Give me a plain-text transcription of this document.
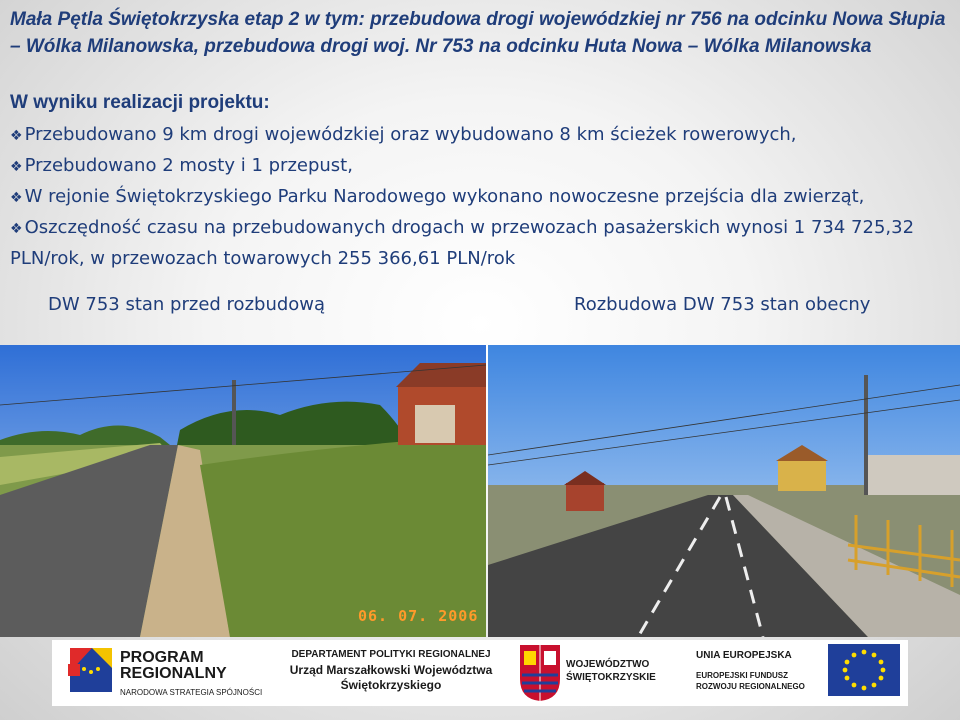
Mała Pętla Świętokrzyska etap 2 w tym: przebudowa drogi wojewódzkiej nr 756 na odcinku Nowa Słupia – Wólka Milanowska, przebudowa drogi woj. Nr 753 na odcinku Huta Nowa – Wólka Milanowska
W wyniku realizacji projektu:
❖ Przebudowano 9 km drogi wojewódzkiej oraz wybudowano 8 km ścieżek rowerowych,
❖ Przebudowano 2 mosty i 1 przepust,
❖ W rejonie Świętokrzyskiego Parku Narodowego wykonano nowoczesne przejścia dla zwierząt,
❖ Oszczędność czasu na przebudowanych drogach w przewozach pasażerskich wynosi 1 734 725,32 PLN/rok, w przewozach towarowych 255 366,61 PLN/rok
DW 753 stan przed rozbudową	Rozbudowa DW 753 stan obecny
06. 07. 2006
PROGRAM
REGIONALNY
NARODOWA STRATEGIA SPÓJNOŚCI
DEPARTAMENT POLITYKI REGIONALNEJ
Urząd Marszałkowski Województwa
Świętokrzyskiego
WOJEWÓDZTWO
ŚWIĘTOKRZYSKIE
UNIA EUROPEJSKA
EUROPEJSKI FUNDUSZ
ROZWOJU REGIONALNEGO
